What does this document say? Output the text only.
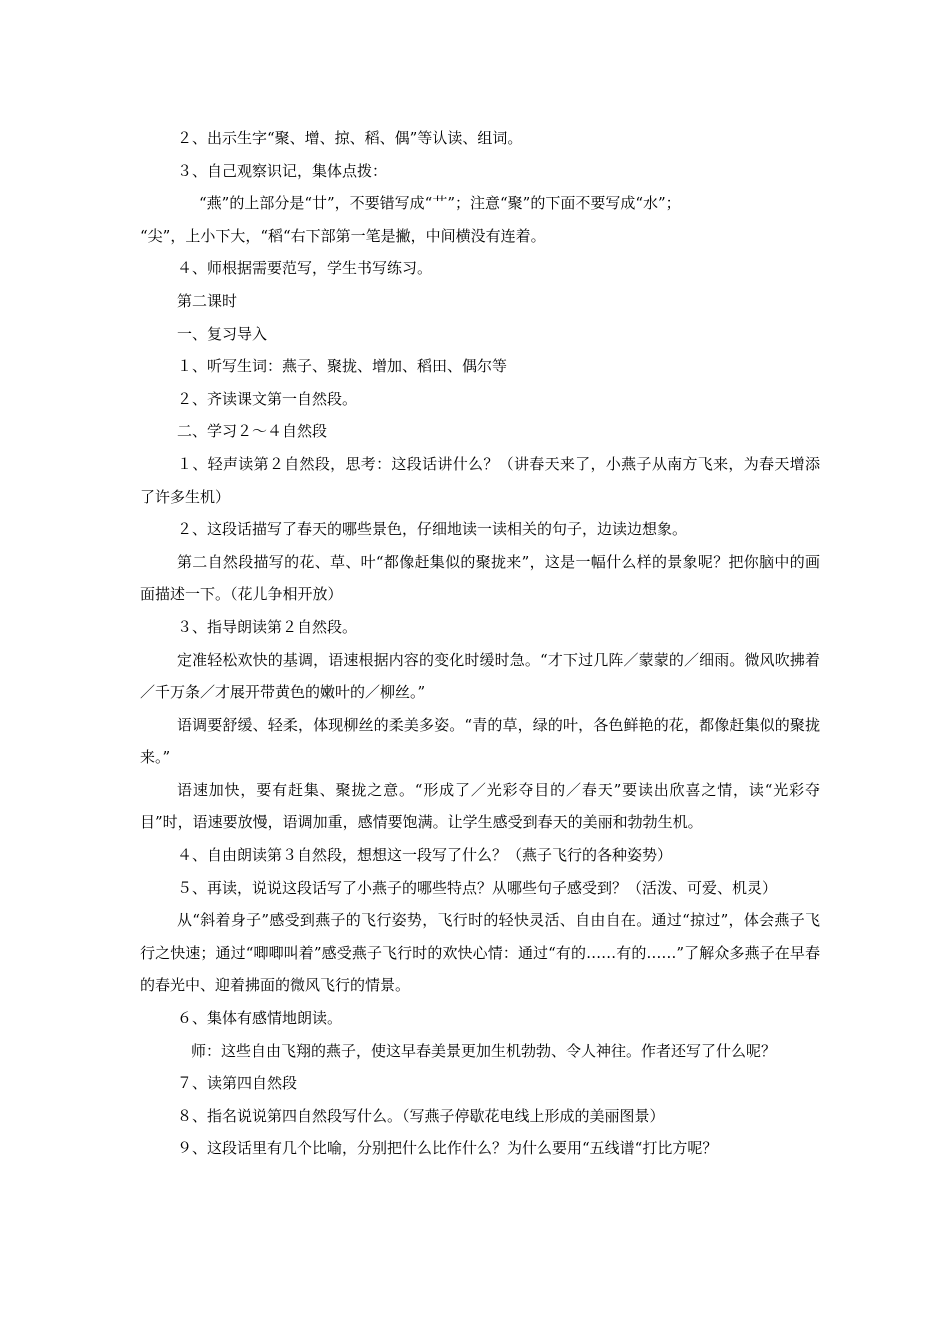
２、出示生字“聚、增、掠、稻、偶”等认读、组词。

３、自己观察识记，集体点拨：

“燕”的上部分是“廿”，不要错写成“艹”；注意“聚”的下面不要写成“水”；

“尖”，上小下大，“稻“右下部第一笔是撇，中间横没有连着。

４、师根据需要范写，学生书写练习。

第二课时

一、复习导入

１、听写生词：燕子、聚拢、增加、稻田、偶尔等

２、齐读课文第一自然段。

二、学习２～４自然段

１、轻声读第２自然段，思考：这段话讲什么？（讲春天来了，小燕子从南方飞来，为春天增添了许多生机）

２、这段话描写了春天的哪些景色，仔细地读一读相关的句子，边读边想象。

第二自然段描写的花、草、叶“都像赶集似的聚拢来”，这是一幅什么样的景象呢？把你脑中的画面描述一下。（花儿争相开放）

３、指导朗读第２自然段。

定准轻松欢快的基调，语速根据内容的变化时缓时急。“才下过几阵／蒙蒙的／细雨。微风吹拂着／千万条／才展开带黄色的嫩叶的／柳丝。”

语调要舒缓、轻柔，体现柳丝的柔美多姿。“青的草，绿的叶，各色鲜艳的花，都像赶集似的聚拢来。”

语速加快，要有赶集、聚拢之意。“形成了／光彩夺目的／春天”要读出欣喜之情，读“光彩夺目”时，语速要放慢，语调加重，感情要饱满。让学生感受到春天的美丽和勃勃生机。

４、自由朗读第３自然段，想想这一段写了什么？（燕子飞行的各种姿势）

５、再读，说说这段话写了小燕子的哪些特点？从哪些句子感受到？（活泼、可爱、机灵）

从“斜着身子”感受到燕子的飞行姿势，飞行时的轻快灵活、自由自在。通过“掠过”，体会燕子飞行之快速；通过“唧唧叫着”感受燕子飞行时的欢快心情：通过“有的……有的……”了解众多燕子在早春的春光中、迎着拂面的微风飞行的情景。

６、集体有感情地朗读。

师：这些自由飞翔的燕子，使这早春美景更加生机勃勃、令人神往。作者还写了什么呢？

７、读第四自然段

８、指名说说第四自然段写什么。（写燕子停歇花电线上形成的美丽图景）

９、这段话里有几个比喻，分别把什么比作什么？为什么要用“五线谱“打比方呢？
